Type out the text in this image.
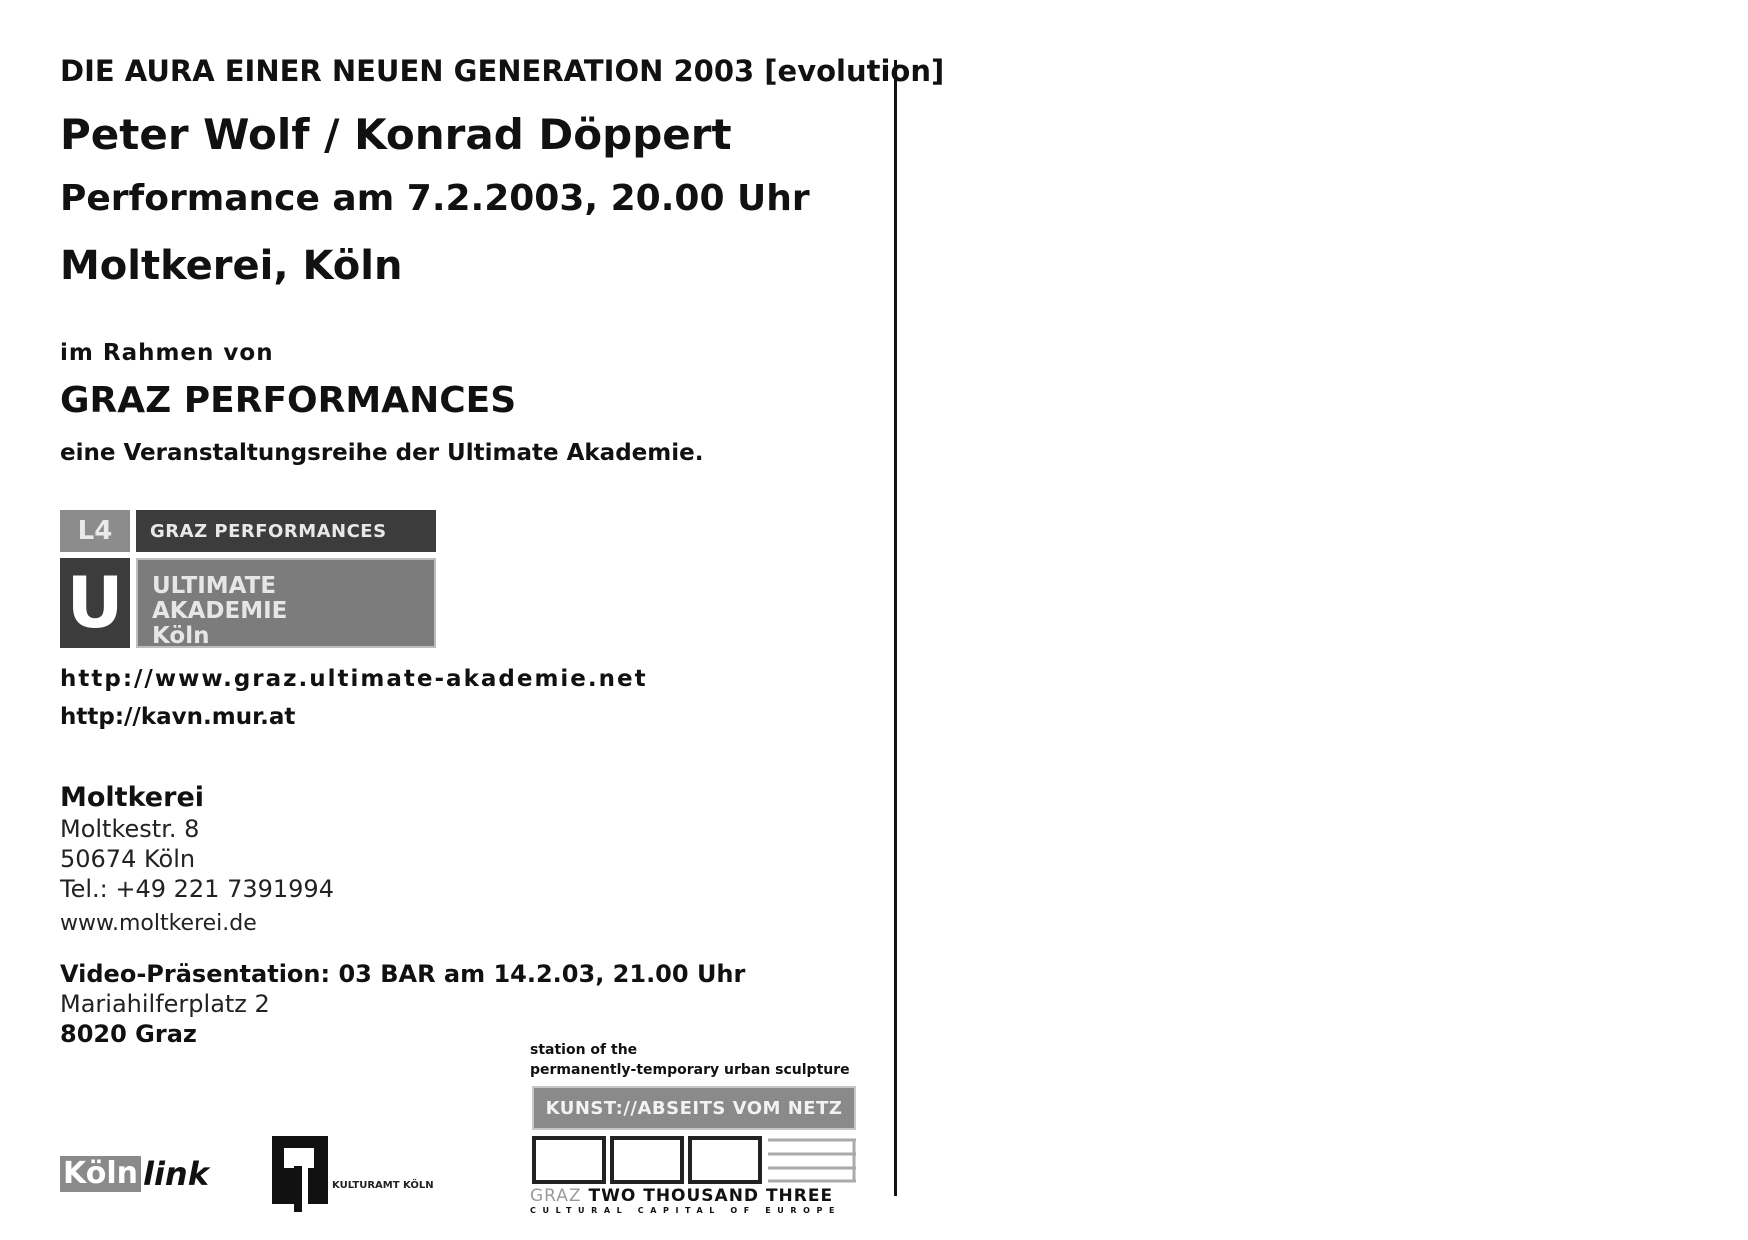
DIE AURA EINER NEUEN GENERATION 2003 [evolution]
Peter Wolf / Konrad Döppert
Performance am 7.2.2003, 20.00 Uhr
Moltkerei, Köln
im Rahmen von
GRAZ PERFORMANCES
eine Veranstaltungsreihe der Ultimate Akademie.
L4	GRAZ PERFORMANCES
U ULTIMATE
AKADEMIE
Köln
http://www.graz.ultimate-akademie.net
http://kavn.mur.at
Moltkerei
Moltkestr. 8
50674 Köln
Tel.: +49 221 7391994
www.moltkerei.de
Video-Präsentation: 03 BAR am 14.2.03, 21.00 Uhr
Mariahilferplatz 2
8020 Graz
Köln link	KULTURAMT KÖLN
station of the
permanently-temporary urban sculpture
KUNST://ABSEITS VOM NETZ
GRAZ TWO THOUSAND THREE
CULTURAL CAPITAL OF EUROPE
